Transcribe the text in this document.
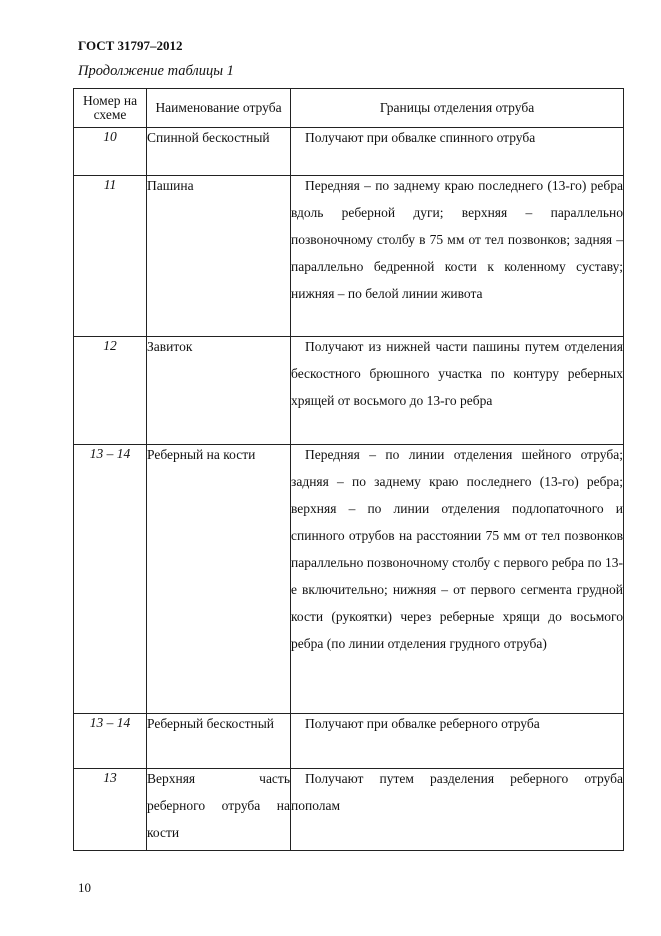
ГОСТ 31797–2012
Продолжение таблицы 1
Номер на схеме	Наименование отруба	Границы отделения отруба
10	Спинной бескостный	Получают при обвалке спинного отруба

11	Пашина	Передняя – по заднему краю последнего (13-го) ребра вдоль реберной дуги; верхняя – параллельно позвоночному столбу в 75 мм от тел позвонков; задняя – параллельно бедренной кости к коленному суставу; нижняя – по белой линии живота

12	Завиток	Получают из нижней части пашины путем отделения бескостного брюшного участка по контуру реберных хрящей от восьмого до 13-го ребра

13 – 14	Реберный на кости	Передняя – по линии отделения шейного отруба; задняя – по заднему краю последнего (13-го) ребра; верхняя – по линии отделения подлопаточного и спинного отрубов на расстоянии 75 мм от тел позвонков параллельно позвоночному столбу с первого ребра по 13-е включительно; нижняя – от первого сегмента грудной кости (рукоятки) через реберные хрящи до восьмого ребра (по линии отделения грудного отруба)

13 – 14	Реберный бескостный	Получают при обвалке реберного отруба

13	Верхняя часть реберного отруба на кости	Получают путем разделения реберного отруба пополам
10
